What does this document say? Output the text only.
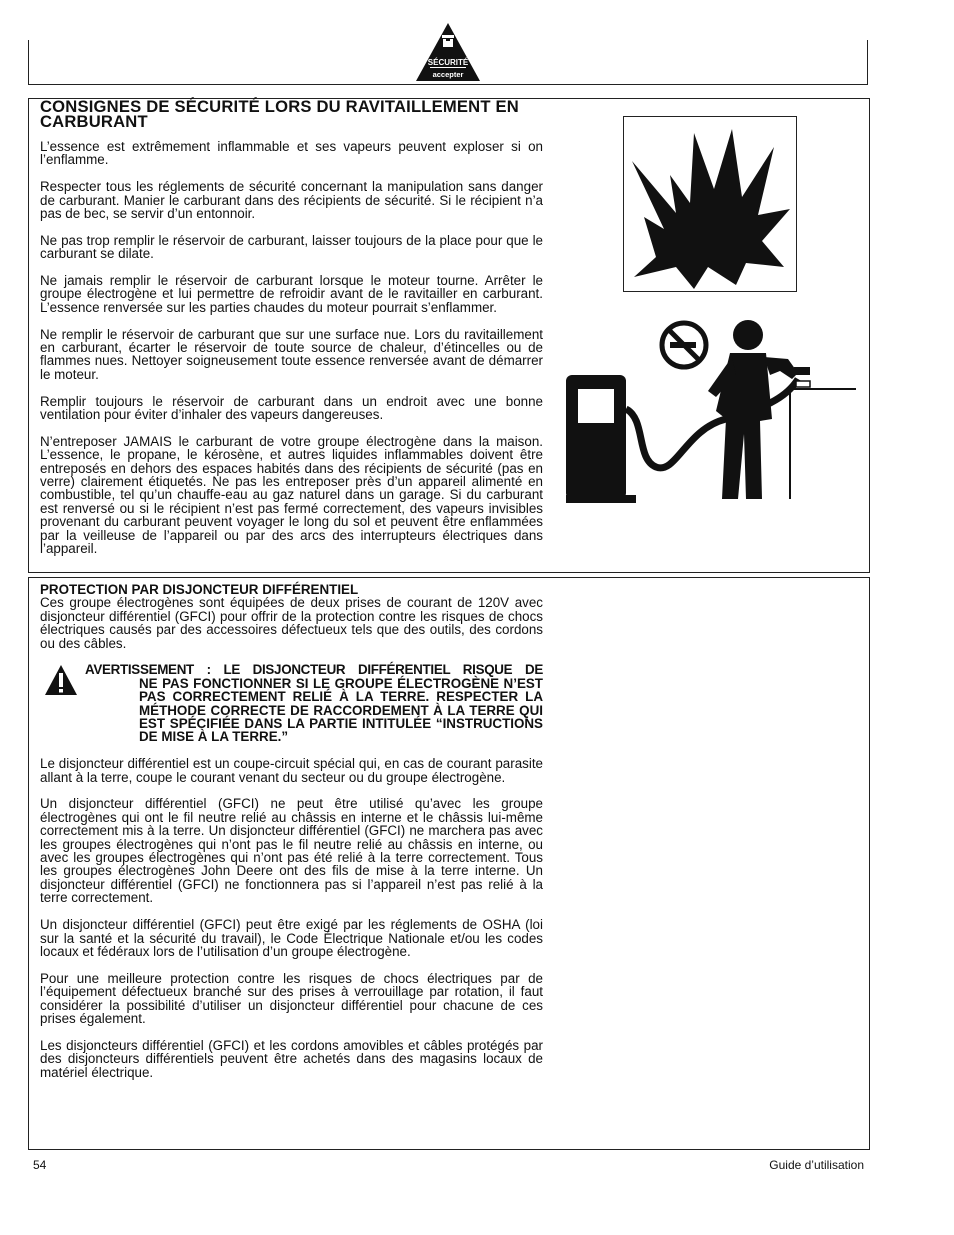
SÉCURITÉ
accepter
CONSIGNES DE SÉCURITÉ LORS DU RAVITAILLEMENT EN CARBURANT

L’essence est extrêmement inflammable et ses vapeurs peuvent exploser si on l’enflamme.

Respecter tous les réglements de sécurité concernant la manipulation sans danger de carburant. Manier le carburant dans des récipients de sécurité. Si le récipient n’a pas de bec, se servir d’un entonnoir.

Ne pas trop remplir le réservoir de carburant, laisser toujours de la place pour que le carburant se dilate.

Ne jamais remplir le réservoir de carburant lorsque le moteur tourne. Arrêter le groupe électrogène et lui permettre de refroidir avant de le ravitailler en carburant. L’essence renversée sur les parties chaudes du moteur pourrait s’enflammer.

Ne remplir le réservoir de carburant que sur une surface nue. Lors du ravitaillement en carburant, écarter le réservoir de toute source de chaleur, d’étincelles ou de flammes nues. Nettoyer soigneusement toute essence renversée avant de démarrer le moteur.

Remplir toujours le réservoir de carburant dans un endroit avec une bonne ventilation pour éviter d’inhaler des vapeurs dangereuses.

N’entreposer JAMAIS le carburant de votre groupe électrogène dans la maison. L’essence, le propane, le kérosène, et autres liquides inflammables doivent être entreposés en dehors des espaces habités dans des récipients de sécurité (pas en verre) clairement étiquetés. Ne pas les entreposer près d’un appareil alimenté en combustible, tel qu’un chauffe-eau au gaz naturel dans un garage. Si du carburant est renversé ou si le récipient n’est pas fermé correctement, des vapeurs invisibles provenant du carburant peuvent voyager le long du sol et peuvent être enflammées par la veilleuse de l’appareil ou par des arcs des interrupteurs électriques dans l’appareil.

PROTECTION PAR DISJONCTEUR DIFFÉRENTIEL

Ces groupe électrogènes sont équipées de deux prises de courant de 120V avec disjoncteur différentiel (GFCI) pour offrir de la protection contre les risques de chocs électriques causés par des accessoires défectueux tels que des outils, des cordons ou des câbles.

AVERTISSEMENT : LE DISJONCTEUR DIFFÉRENTIEL RISQUE DE
NE PAS FONCTIONNER SI LE GROUPE ÉLECTROGÈNE N’EST PAS CORRECTEMENT RELIÉ À LA TERRE. RESPECTER LA MÉTHODE CORRECTE DE RACCORDEMENT À LA TERRE QUI EST SPÉCIFIÉE DANS LA PARTIE INTITULÉE “INSTRUCTIONS DE MISE À LA TERRE.”

Le disjoncteur différentiel est un coupe-circuit spécial qui, en cas de courant parasite allant à la terre, coupe le courant venant du secteur ou du groupe électrogène.

Un disjoncteur différentiel (GFCI) ne peut être utilisé qu’avec les groupe électrogènes qui ont le fil neutre relié au châssis en interne et le châssis lui-même correctement mis à la terre. Un disjoncteur différentiel (GFCI) ne marchera pas avec les groupes électrogènes qui n’ont pas le fil neutre relié au châssis en interne, ou avec les groupes électrogènes qui n’ont pas été relié à la terre correctement. Tous les groupes électrogènes John Deere ont des fils de mise à la terre interne. Un disjoncteur différentiel (GFCI) ne fonctionnera pas si l’appareil n’est pas relié à la terre correctement.

Un disjoncteur différentiel (GFCI) peut être exigé par les réglements de OSHA (loi sur la santé et la sécurité du travail), le Code Électrique Nationale et/ou les codes locaux et fédéraux lors de l’utilisation d’un groupe électrogène.

Pour une meilleure protection contre les risques de chocs électriques par de l’équipement défectueux branché sur des prises à verrouillage par rotation, il faut considérer la possibilité d’utiliser un disjoncteur différentiel pour chacune de ces prises également.

Les disjoncteurs différentiel (GFCI) et les cordons amovibles et câbles protégés par des disjoncteurs différentiels peuvent être achetés dans des magasins locaux de matériel électrique.

54	Guide d’utilisation
